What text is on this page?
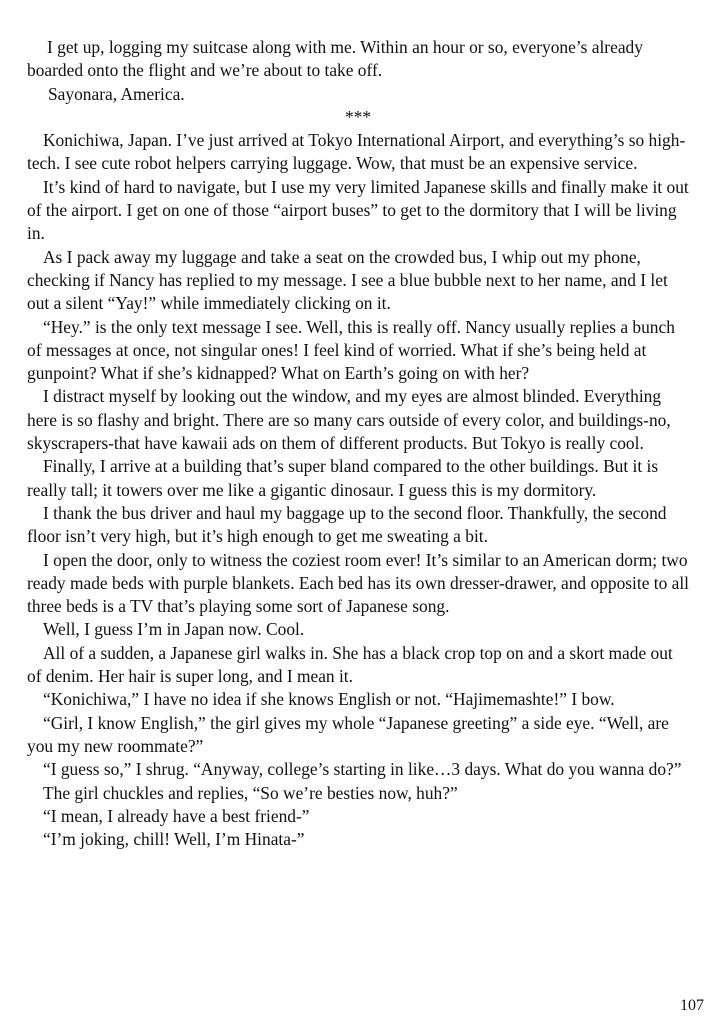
I get up, logging my suitcase along with me. Within an hour or so, everyone’s already boarded onto the flight and we’re about to take off.

Sayonara, America.

***

Konichiwa, Japan. I’ve just arrived at Tokyo International Airport, and everything’s so high-tech. I see cute robot helpers carrying luggage. Wow, that must be an expensive service.

It’s kind of hard to navigate, but I use my very limited Japanese skills and finally make it out of the airport. I get on one of those “airport buses” to get to the dormitory that I will be living in.

As I pack away my luggage and take a seat on the crowded bus, I whip out my phone, checking if Nancy has replied to my message. I see a blue bubble next to her name, and I let out a silent “Yay!” while immediately clicking on it.

“Hey.” is the only text message I see. Well, this is really off. Nancy usually replies a bunch of messages at once, not singular ones! I feel kind of worried. What if she’s being held at gunpoint? What if she’s kidnapped? What on Earth’s going on with her?

I distract myself by looking out the window, and my eyes are almost blinded. Everything here is so flashy and bright. There are so many cars outside of every color, and buildings-no, skyscrapers-that have kawaii ads on them of different products. But Tokyo is really cool.

Finally, I arrive at a building that’s super bland compared to the other buildings. But it is really tall; it towers over me like a gigantic dinosaur. I guess this is my dormitory.

I thank the bus driver and haul my baggage up to the second floor. Thankfully, the second floor isn’t very high, but it’s high enough to get me sweating a bit.

I open the door, only to witness the coziest room ever! It’s similar to an American dorm; two ready made beds with purple blankets. Each bed has its own dresser-drawer, and opposite to all three beds is a TV that’s playing some sort of Japanese song.

Well, I guess I’m in Japan now. Cool.

All of a sudden, a Japanese girl walks in. She has a black crop top on and a skort made out of denim. Her hair is super long, and I mean it.

“Konichiwa,” I have no idea if she knows English or not. “Hajimemashte!” I bow.

“Girl, I know English,” the girl gives my whole “Japanese greeting” a side eye. “Well, are you my new roommate?”

“I guess so,” I shrug. “Anyway, college’s starting in like…3 days. What do you wanna do?”

The girl chuckles and replies, “So we’re besties now, huh?”

“I mean, I already have a best friend-”

“I’m joking, chill! Well, I’m Hinata-”

107
